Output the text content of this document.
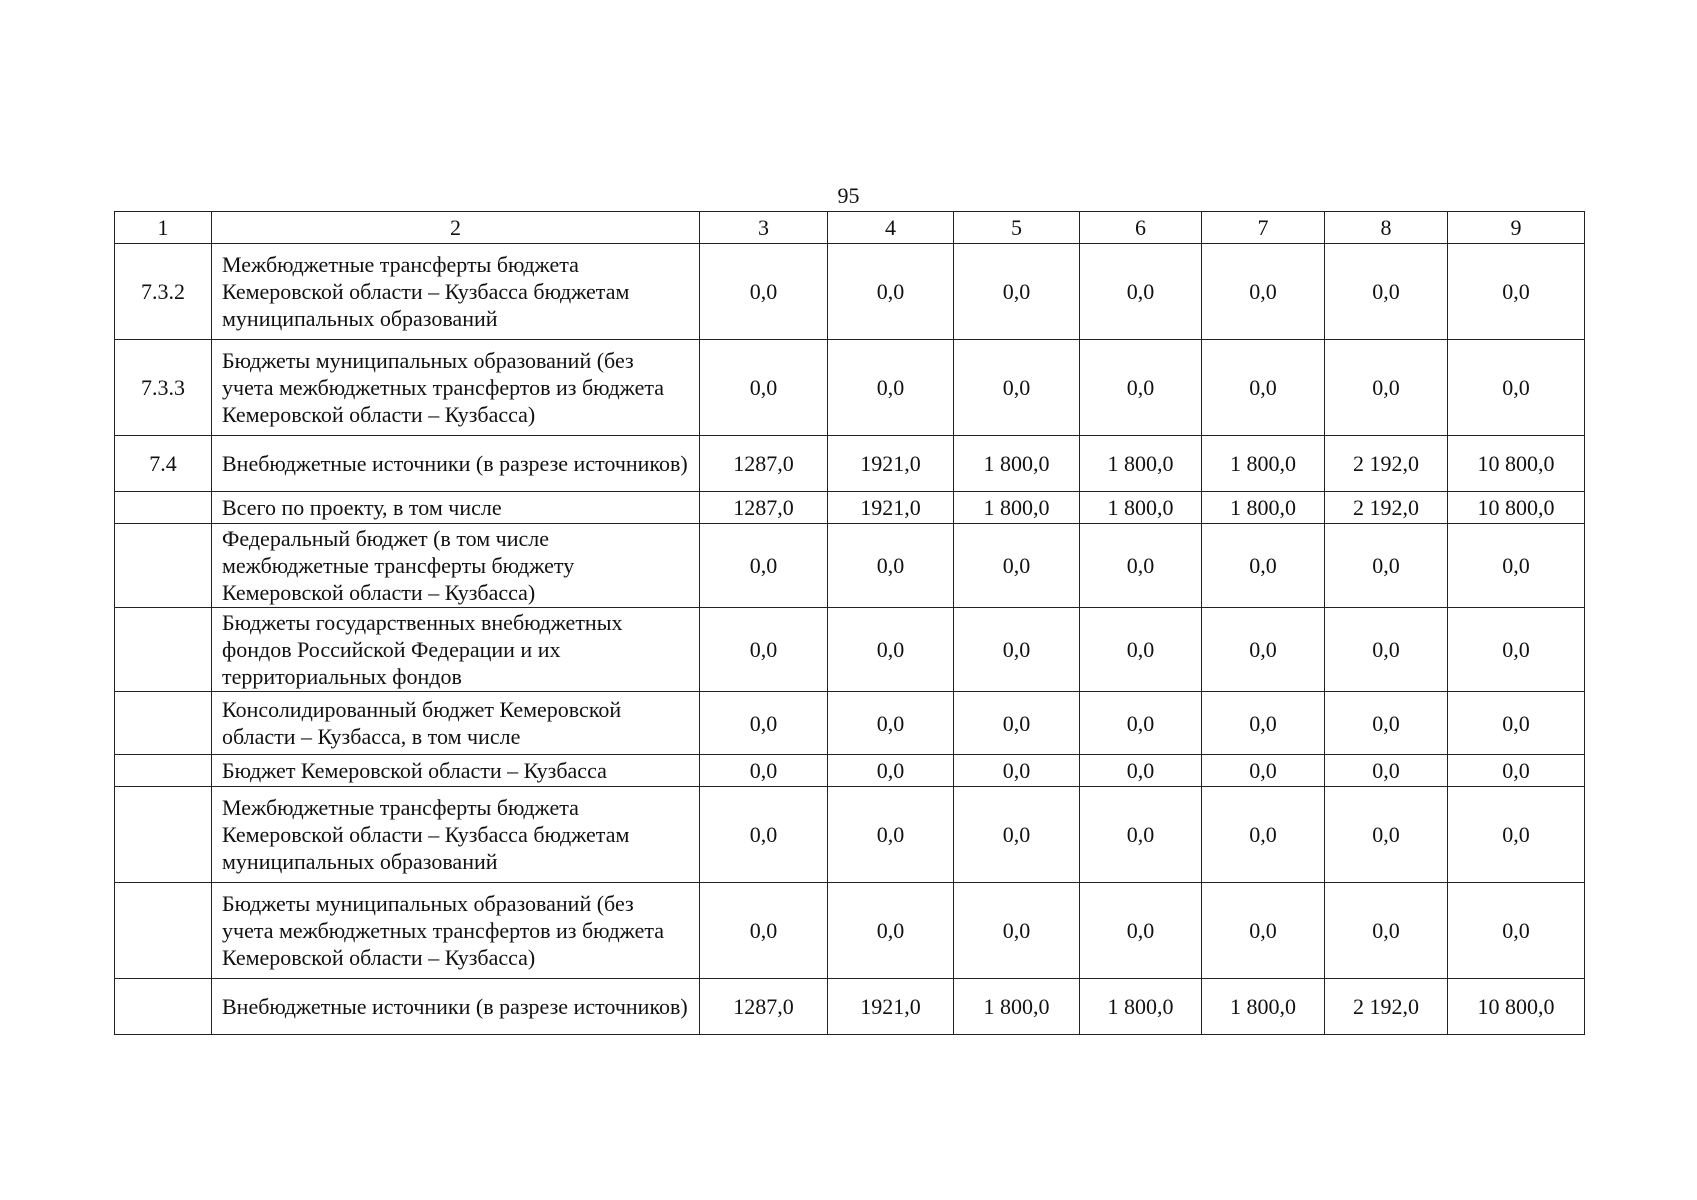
95
1	2	3	4	5	6	7	8	9
7.3.2	Межбюджетные трансферты бюджета Кемеровской области – Кузбасса бюджетам муниципальных образований	0,0	0,0	0,0	0,0	0,0	0,0	0,0
7.3.3	Бюджеты муниципальных образований (без учета межбюджетных трансфертов из бюджета Кемеровской области – Кузбасса)	0,0	0,0	0,0	0,0	0,0	0,0	0,0
7.4	Внебюджетные источники (в разрезе источников)	1287,0	1921,0	1 800,0	1 800,0	1 800,0	2 192,0	10 800,0
	Всего по проекту, в том числе	1287,0	1921,0	1 800,0	1 800,0	1 800,0	2 192,0	10 800,0
	Федеральный бюджет (в том числе межбюджетные трансферты бюджету Кемеровской области – Кузбасса)	0,0	0,0	0,0	0,0	0,0	0,0	0,0
	Бюджеты государственных внебюджетных фондов Российской Федерации и их территориальных фондов	0,0	0,0	0,0	0,0	0,0	0,0	0,0
	Консолидированный бюджет Кемеровской области – Кузбасса, в том числе	0,0	0,0	0,0	0,0	0,0	0,0	0,0
	Бюджет Кемеровской области – Кузбасса	0,0	0,0	0,0	0,0	0,0	0,0	0,0
	Межбюджетные трансферты бюджета Кемеровской области – Кузбасса бюджетам муниципальных образований	0,0	0,0	0,0	0,0	0,0	0,0	0,0
	Бюджеты муниципальных образований (без учета межбюджетных трансфертов из бюджета Кемеровской области – Кузбасса)	0,0	0,0	0,0	0,0	0,0	0,0	0,0
	Внебюджетные источники (в разрезе источников)	1287,0	1921,0	1 800,0	1 800,0	1 800,0	2 192,0	10 800,0
